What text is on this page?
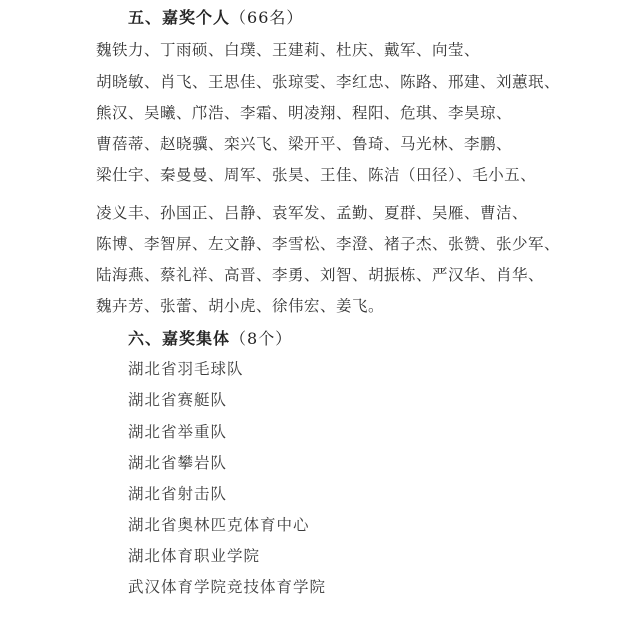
五、嘉奖个人（66名）
魏铁力、丁雨硕、白璞、王建莉、杜庆、戴军、向莹、
胡晓敏、肖飞、王思佳、张琼雯、李红忠、陈路、邢建、刘蕙珉、
熊汉、吴曦、邝浩、李霜、明凌翔、程阳、危琪、李昊琼、
曹蓓蒂、赵晓骥、栾兴飞、梁开平、鲁琦、马光林、李鹏、
梁仕宇、秦曼曼、周军、张昊、王佳、陈洁（田径）、毛小五、
凌义丰、孙国正、吕静、袁军发、孟勤、夏群、吴雁、曹洁、
陈博、李智屏、左文静、李雪松、李澄、褚子杰、张赞、张少军、
陆海燕、蔡礼祥、高晋、李勇、刘智、胡振栋、严汉华、肖华、
魏卉芳、张蕾、胡小虎、徐伟宏、姜飞。
六、嘉奖集体（8个）
湖北省羽毛球队
湖北省赛艇队
湖北省举重队
湖北省攀岩队
湖北省射击队
湖北省奥林匹克体育中心
湖北体育职业学院
武汉体育学院竞技体育学院
